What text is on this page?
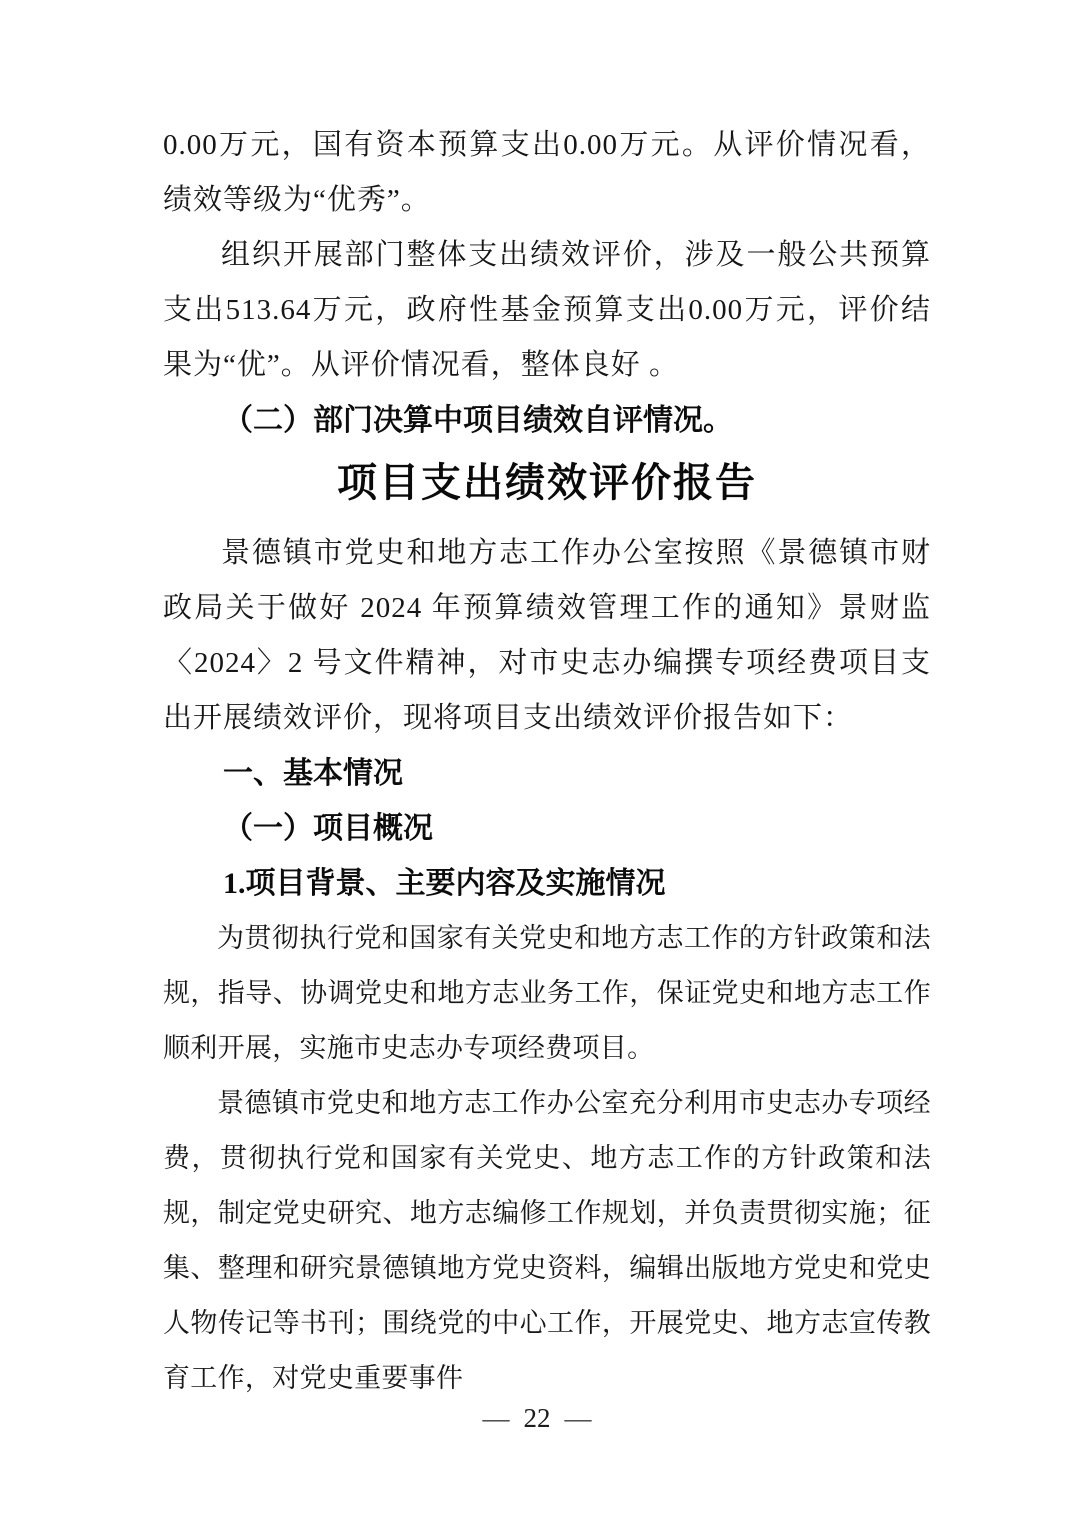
0.00万元，国有资本预算支出0.00万元。从评价情况看，绩效等级为“优秀”。

组织开展部门整体支出绩效评价，涉及一般公共预算支出513.64万元，政府性基金预算支出0.00万元，评价结果为“优”。从评价情况看，整体良好 。

（二）部门决算中项目绩效自评情况。
项目支出绩效评价报告

景德镇市党史和地方志工作办公室按照《景德镇市财政局关于做好 2024 年预算绩效管理工作的通知》景财监〈2024〉2 号文件精神，对市史志办编撰专项经费项目支出开展绩效评价，现将项目支出绩效评价报告如下：

一、基本情况
（一）项目概况
1.项目背景、主要内容及实施情况

为贯彻执行党和国家有关党史和地方志工作的方针政策和法规，指导、协调党史和地方志业务工作，保证党史和地方志工作顺利开展，实施市史志办专项经费项目。

景德镇市党史和地方志工作办公室充分利用市史志办专项经费，贯彻执行党和国家有关党史、地方志工作的方针政策和法规，制定党史研究、地方志编修工作规划，并负责贯彻实施；征集、整理和研究景德镇地方党史资料，编辑出版地方党史和党史人物传记等书刊；围绕党的中心工作，开展党史、地方志宣传教育工作，对党史重要事件

— 22 —
